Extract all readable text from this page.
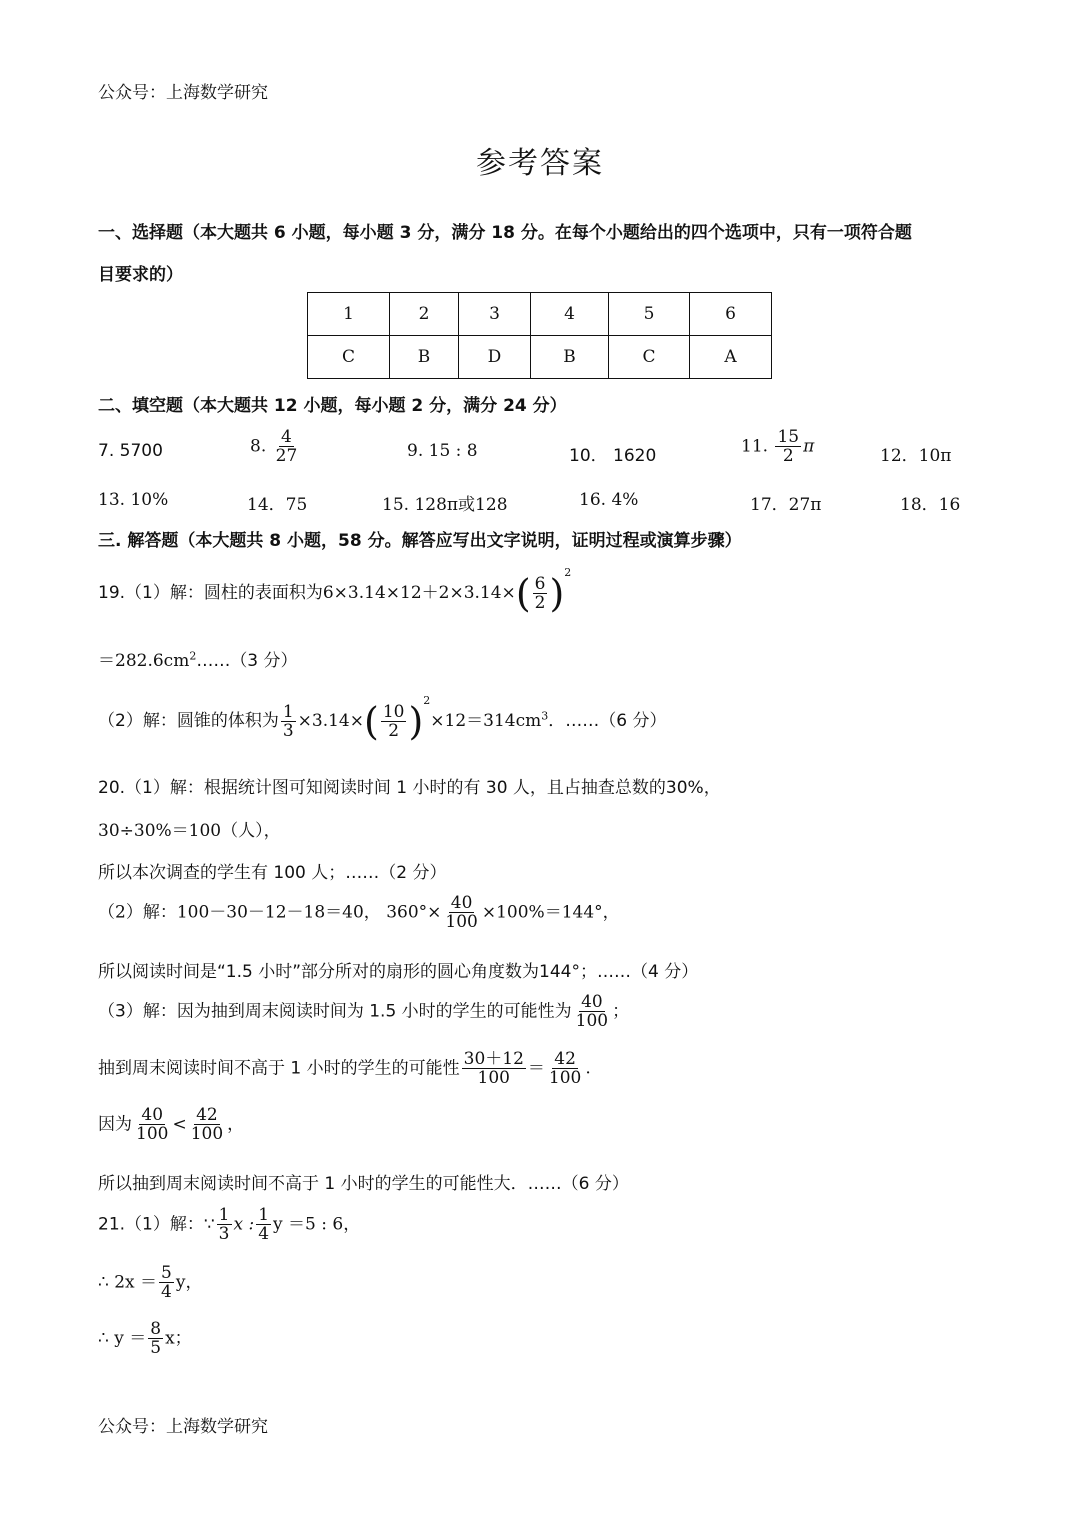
公众号：上海数学研究
参考答案
一、选择题（本大题共 6 小题，每小题 3 分，满分 18 分。在每个小题给出的四个选项中，只有一项符合题
目要求的）
1	2	3	4	5	6
C	B	D	B	C	A
二、填空题（本大题共 12 小题，每小题 2 分，满分 24 分）
7. 5700	8. $\frac{4}{27}$	9. 15 : 8	10． 1620	11. $\frac{15}{2}$ π	12．10π
13. 10%	14．75	15. 128π或128	16. 4%	17．27π	18．16
三. 解答题（本大题共 8 小题，58 分。解答应写出文字说明，证明过程或演算步骤）
19.（1）解：圆柱的表面积为$6\times 3.14\times 12+2\times 3.14\times( \frac{6}{2} )^2$
$=282.6cm^2\dots\dots(3$ 分）
（2）解：圆锥的体积为 $\frac{1}{3} \times 3.14\times( \frac{10}{2} )^2\times 12=314cm^3$．……（6 分）
20.（1）解：根据统计图可知阅读时间 1 小时的有 30 人，且占抽查总数的30%，
30÷30%＝100（人），
所以本次调查的学生有 100 人；……（2 分）
（2）解：100－30－12－18＝40， $360^\circ\times \frac{40}{100} \times 100\%=144^\circ$，
所以阅读时间是“1.5 小时”部分所对的扇形的圆心角度数为144°；……（4 分）
（3）解：因为抽到周末阅读时间为 1.5 小时的学生的可能性为 $\frac{40}{100}$ ；
抽到周末阅读时间不高于 1 小时的学生的可能性 $\frac{30+12}{100} = \frac{42}{100}$ .
因为 $\frac{40}{100} < \frac{42}{100}$ ，
所以抽到周末阅读时间不高于 1 小时的学生的可能性大．……（6 分）
21.（1）解：∵ $\frac{1}{3}$ x : $\frac{1}{4}$ y ＝5 : 6，
∴ $2x = \frac{5}{4}$ y，
∴ $y = \frac{8}{5}$ x；
公众号：上海数学研究
